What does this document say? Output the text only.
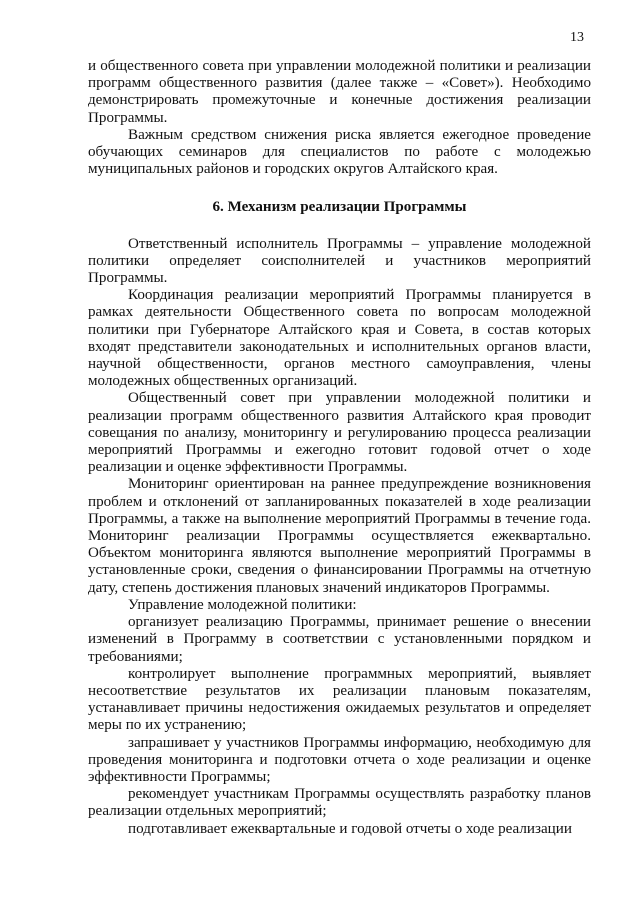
13

и общественного совета при управлении молодежной политики и реализации программ общественного развития (далее также – «Совет»). Необходимо демонстрировать промежуточные и конечные достижения реализации Программы.

Важным средством снижения риска является ежегодное проведение обучающих семинаров для специалистов по работе с молодежью муниципальных районов и городских округов Алтайского края.

6. Механизм реализации Программы

Ответственный исполнитель Программы – управление молодежной политики определяет соисполнителей и участников мероприятий Программы.

Координация реализации мероприятий Программы планируется в рамках деятельности Общественного совета по вопросам молодежной политики при Губернаторе Алтайского края и Совета, в состав которых входят представители законодательных и исполнительных органов власти, научной общественности, органов местного самоуправления, члены молодежных общественных организаций.

Общественный совет при управлении молодежной политики и реализации программ общественного развития Алтайского края проводит совещания по анализу, мониторингу и регулированию процесса реализации мероприятий Программы и ежегодно готовит годовой отчет о ходе реализации и оценке эффективности Программы.

Мониторинг ориентирован на раннее предупреждение возникновения проблем и отклонений от запланированных показателей в ходе реализации Программы, а также на выполнение мероприятий Программы в течение года. Мониторинг реализации Программы осуществляется ежеквартально. Объектом мониторинга являются выполнение мероприятий Программы в установленные сроки, сведения о финансировании Программы на отчетную дату, степень достижения плановых значений индикаторов Программы.

Управление молодежной политики:

организует реализацию Программы, принимает решение о внесении изменений в Программу в соответствии с установленными порядком и требованиями;

контролирует выполнение программных мероприятий, выявляет несоответствие результатов их реализации плановым показателям, устанавливает причины недостижения ожидаемых результатов и определяет меры по их устранению;

запрашивает у участников Программы информацию, необходимую для проведения мониторинга и подготовки отчета о ходе реализации и оценке эффективности Программы;

рекомендует участникам Программы осуществлять разработку планов реализации отдельных мероприятий;

подготавливает ежеквартальные и годовой отчеты о ходе реализации
